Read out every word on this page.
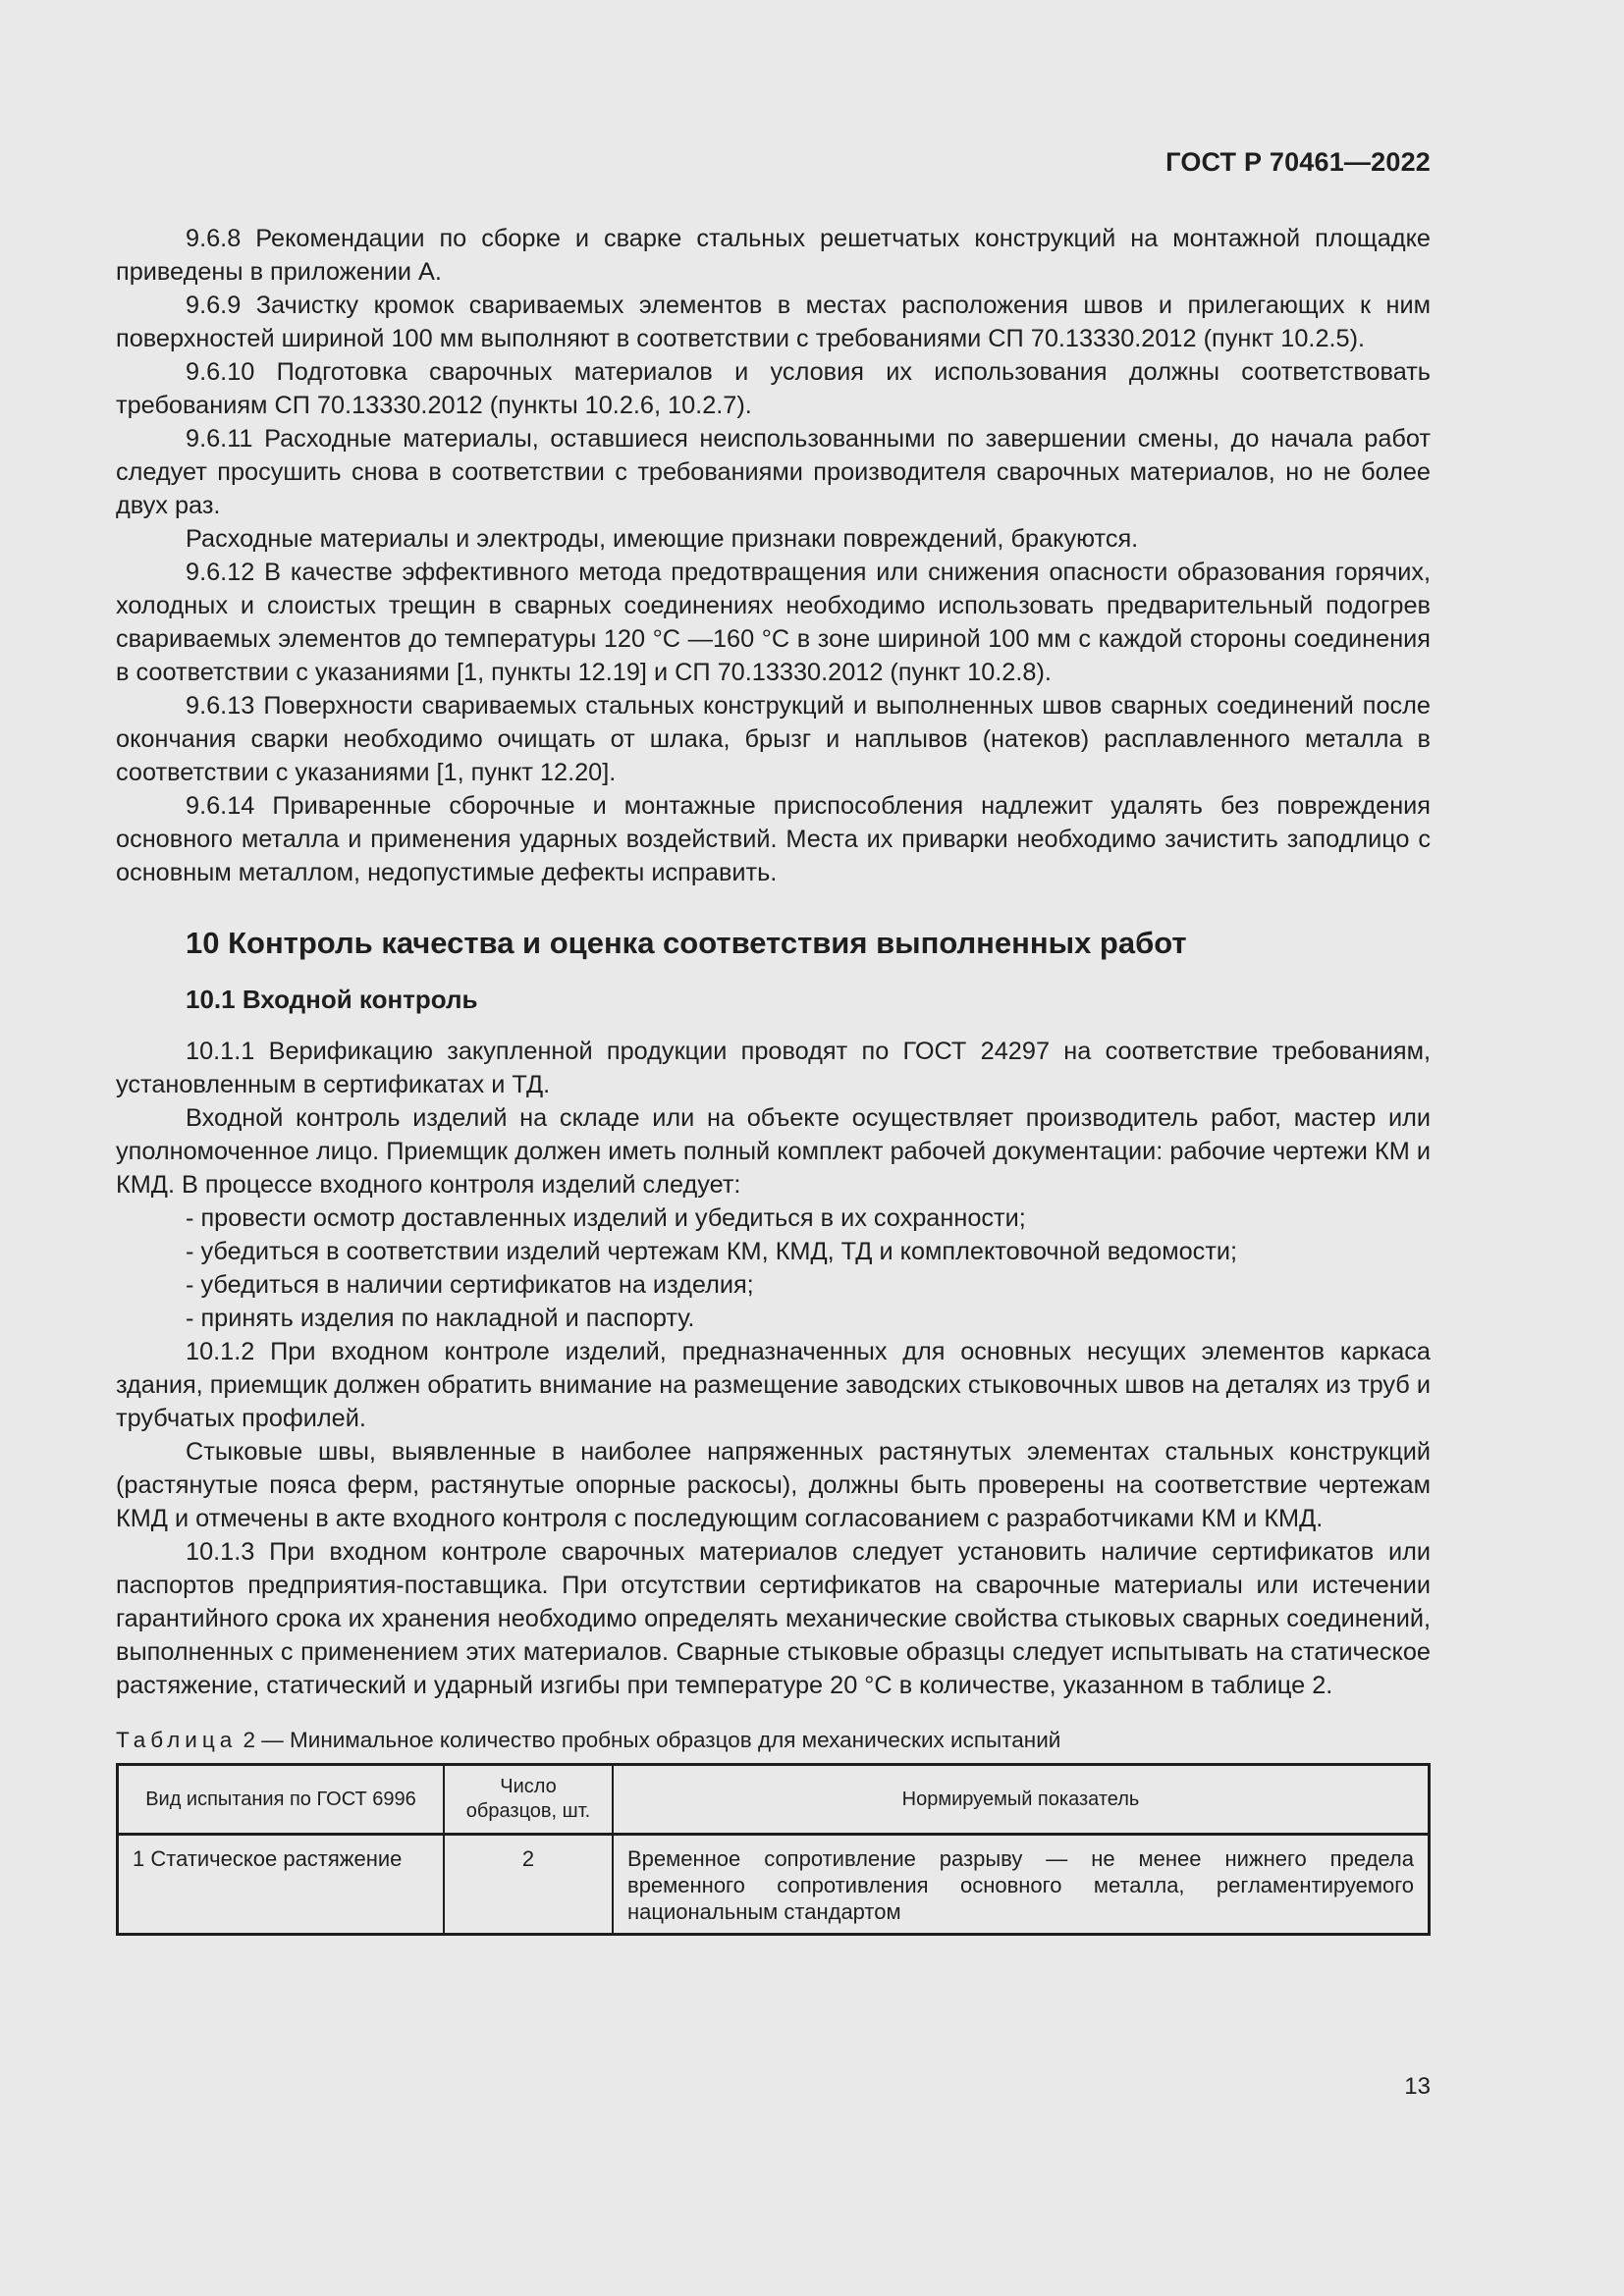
ГОСТ Р 70461—2022

9.6.8 Рекомендации по сборке и сварке стальных решетчатых конструкций на монтажной площадке приведены в приложении А.

9.6.9 Зачистку кромок свариваемых элементов в местах расположения швов и прилегающих к ним поверхностей шириной 100 мм выполняют в соответствии с требованиями СП 70.13330.2012 (пункт 10.2.5).

9.6.10 Подготовка сварочных материалов и условия их использования должны соответствовать требованиям СП 70.13330.2012 (пункты 10.2.6, 10.2.7).

9.6.11 Расходные материалы, оставшиеся неиспользованными по завершении смены, до начала работ следует просушить снова в соответствии с требованиями производителя сварочных материалов, но не более двух раз.

Расходные материалы и электроды, имеющие признаки повреждений, бракуются.

9.6.12 В качестве эффективного метода предотвращения или снижения опасности образования горячих, холодных и слоистых трещин в сварных соединениях необходимо использовать предварительный подогрев свариваемых элементов до температуры 120 °С —160 °С в зоне шириной 100 мм с каждой стороны соединения в соответствии с указаниями [1, пункты 12.19] и СП 70.13330.2012 (пункт 10.2.8).

9.6.13 Поверхности свариваемых стальных конструкций и выполненных швов сварных соединений после окончания сварки необходимо очищать от шлака, брызг и наплывов (натеков) расплавленного металла в соответствии с указаниями [1, пункт 12.20].

9.6.14 Приваренные сборочные и монтажные приспособления надлежит удалять без повреждения основного металла и применения ударных воздействий. Места их приварки необходимо зачистить заподлицо с основным металлом, недопустимые дефекты исправить.

10 Контроль качества и оценка соответствия выполненных работ
10.1 Входной контроль

10.1.1 Верификацию закупленной продукции проводят по ГОСТ 24297 на соответствие требованиям, установленным в сертификатах и ТД.

Входной контроль изделий на складе или на объекте осуществляет производитель работ, мастер или уполномоченное лицо. Приемщик должен иметь полный комплект рабочей документации: рабочие чертежи КМ и КМД. В процессе входного контроля изделий следует:

- провести осмотр доставленных изделий и убедиться в их сохранности;

- убедиться в соответствии изделий чертежам КМ, КМД, ТД и комплектовочной ведомости;

- убедиться в наличии сертификатов на изделия;

- принять изделия по накладной и паспорту.

10.1.2 При входном контроле изделий, предназначенных для основных несущих элементов каркаса здания, приемщик должен обратить внимание на размещение заводских стыковочных швов на деталях из труб и трубчатых профилей.

Стыковые швы, выявленные в наиболее напряженных растянутых элементах стальных конструкций (растянутые пояса ферм, растянутые опорные раскосы), должны быть проверены на соответствие чертежам КМД и отмечены в акте входного контроля с последующим согласованием с разработчиками КМ и КМД.

10.1.3 При входном контроле сварочных материалов следует установить наличие сертификатов или паспортов предприятия-поставщика. При отсутствии сертификатов на сварочные материалы или истечении гарантийного срока их хранения необходимо определять механические свойства стыковых сварных соединений, выполненных с применением этих материалов. Сварные стыковые образцы следует испытывать на статическое растяжение, статический и ударный изгибы при температуре 20 °С в количестве, указанном в таблице 2.

Таблица 2 — Минимальное количество пробных образцов для механических испытаний
Вид испытания по ГОСТ 6996	Число образцов, шт.	Нормируемый показатель
1 Статическое растяжение	2	Временное сопротивление разрыву — не менее нижнего предела временного сопротивления основного металла, регламентируемого национальным стандартом
13
